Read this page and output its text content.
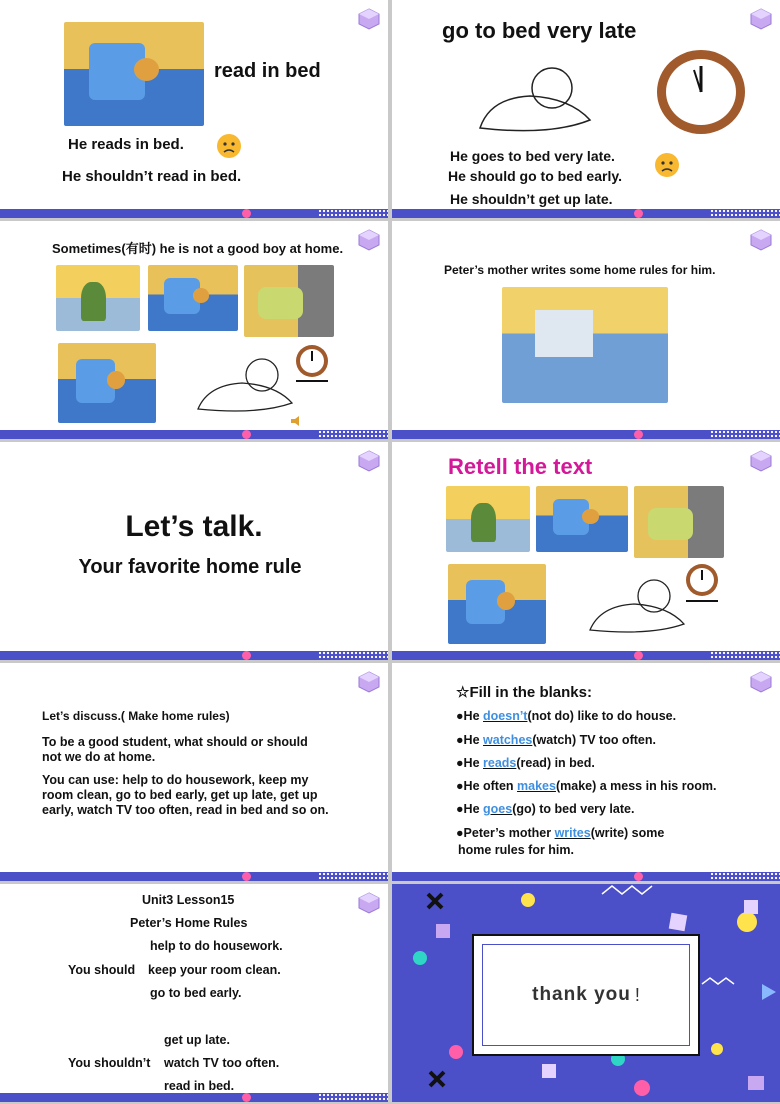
read in bed
He reads in bed.
He shouldn’t read in bed.
go to bed very late
He goes to bed very late.
He should go to bed early.
He shouldn’t get up late.
Sometimes(有时) he is not a good boy at home.
Peter’s mother writes some home rules for him.
Let’s talk.
Your favorite home rule
Retell the text
Let’s discuss.( Make home rules)
To be a good student, what should or should
not we do at home.
You can use: help to do housework, keep my
room clean, go to bed early, get up late, get up
early, watch TV too often, read in bed and so on.
☆Fill in the blanks:
●He doesn’t(not do) like to do house.
●He watches(watch) TV too often.
●He reads(read) in bed.
●He often makes(make) a mess in his room.
●He goes(go) to bed very late.
●Peter’s mother writes(write) some
home rules for him.
Unit3 Lesson15
Peter’s Home Rules
help to do housework.
You should keep your room clean.
go to bed early.
get up late.
You shouldn’t watch TV too often.
read in bed.
thank you !
